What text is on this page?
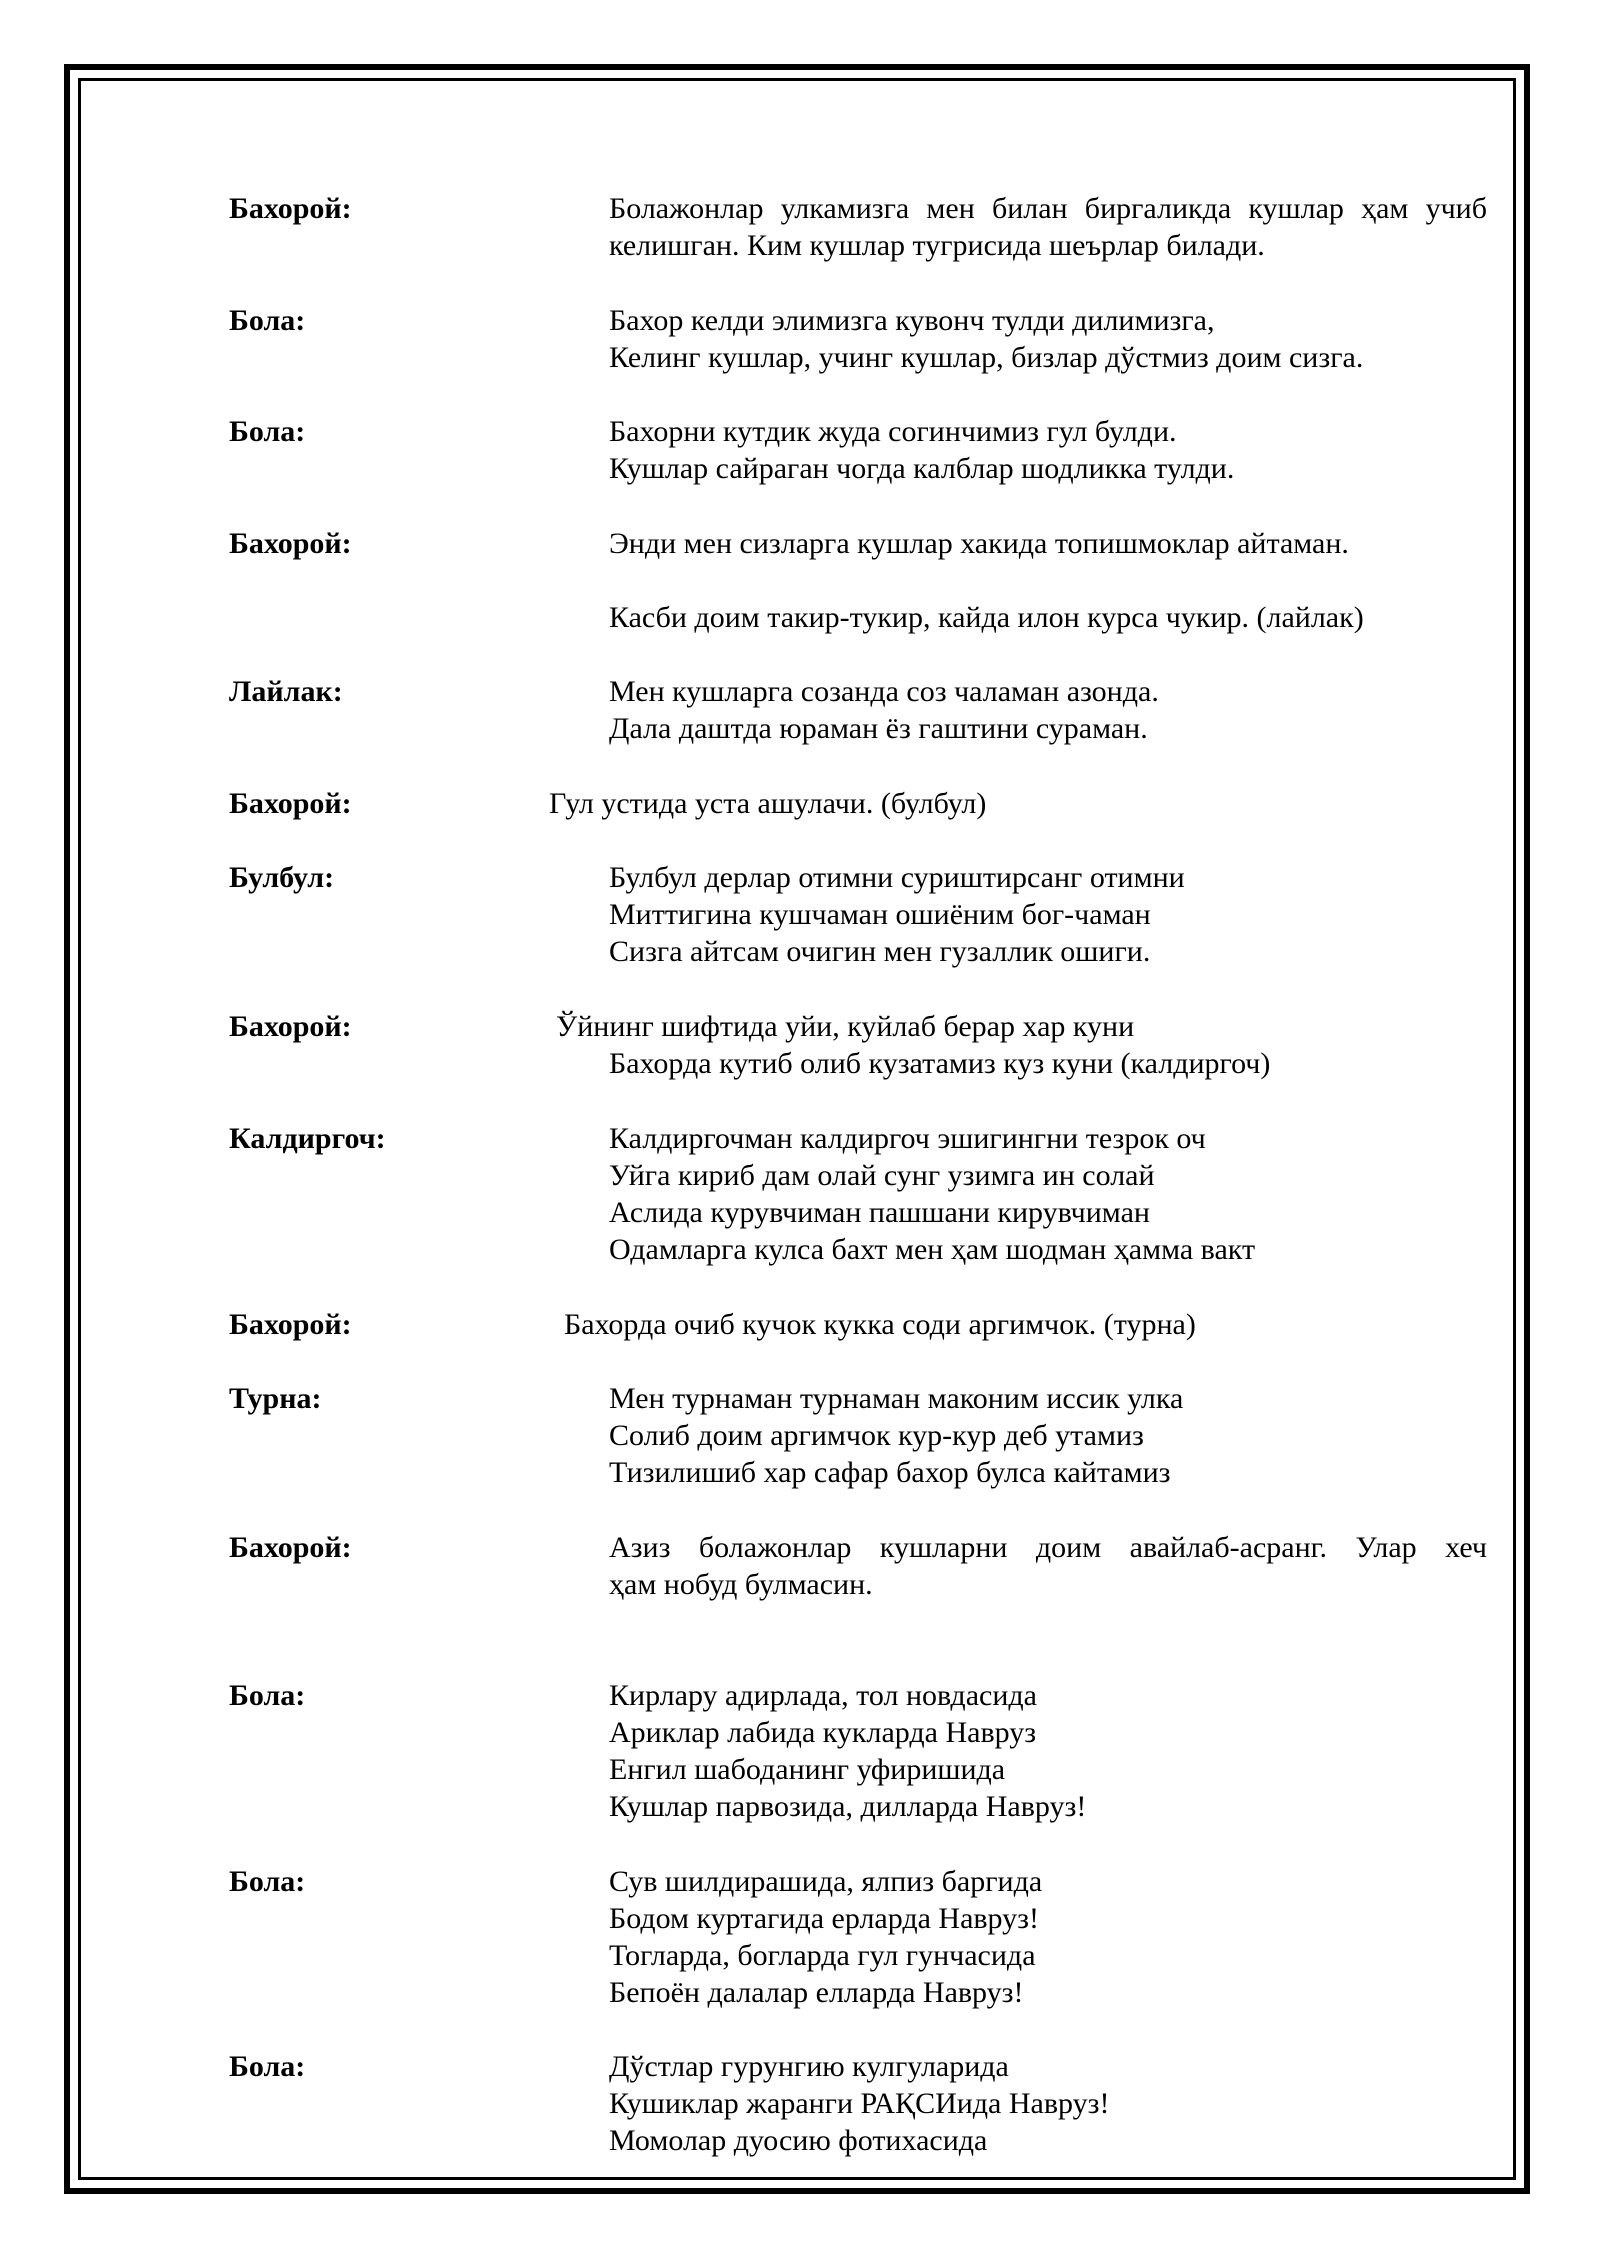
Бахорой:	Болажонлар улкамизга мен билан биргаликда кушлар ҳам учиб
келишган. Ким кушлар тугрисида шеърлар билади.
Бола:	Бахор келди элимизга кувонч тулди дилимизга,
Келинг кушлар, учинг кушлар, бизлар дўстмиз доим сизга.
Бола:	Бахорни кутдик жуда согинчимиз гул булди.
Кушлар сайраган чогда калблар шодликка тулди.
Бахорой:	Энди мен сизларга кушлар хакида топишмоклар айтаман.
Касби доим такир-тукир, кайда илон курса чукир. (лайлак)
Лайлак:	Мен кушларга созанда соз чаламан азонда.
Дала даштда юраман ёз гаштини сураман.
Бахорой:	Гул устида уста ашулачи. (булбул)
Булбул:	Булбул дерлар отимни суриштирсанг отимни
Миттигина кушчаман ошиёним бог-чаман
Сизга айтсам очигин мен гузаллик ошиги.
Бахорой:	Ўйнинг шифтида уйи, куйлаб берар хар куни
Бахорда кутиб олиб кузатамиз куз куни (калдиргоч)
Калдиргоч:	Калдиргочман калдиргоч эшигингни тезрок оч
Уйга кириб дам олай сунг узимга ин солай
Аслида курувчиман пашшани кирувчиман
Одамларга кулса бахт мен ҳам шодман ҳамма вакт
Бахорой:	Бахорда очиб кучок кукка соди аргимчок. (турна)
Турна:	Мен турнаман турнаман маконим иссик улка
Солиб доим аргимчок кур-кур деб утамиз
Тизилишиб хар сафар бахор булса кайтамиз
Бахорой:	Азиз болажонлар кушларни доим авайлаб-асранг. Улар хеч
ҳам нобуд булмасин.
Бола:	Кирлару адирлада, тол новдасида
Ариклар лабида кукларда Навруз
Енгил шабоданинг уфиришида
Кушлар парвозида, дилларда Навруз!
Бола:	Сув шилдирашида, ялпиз баргида
Бодом куртагида ерларда Навруз!
Тогларда, богларда гул гунчасида
Бепоён далалар елларда Навруз!
Бола:	Дўстлар гурунгию кулгуларида
Кушиклар жаранги РАҚСИида Навруз!
Момолар дуосию фотихасида
